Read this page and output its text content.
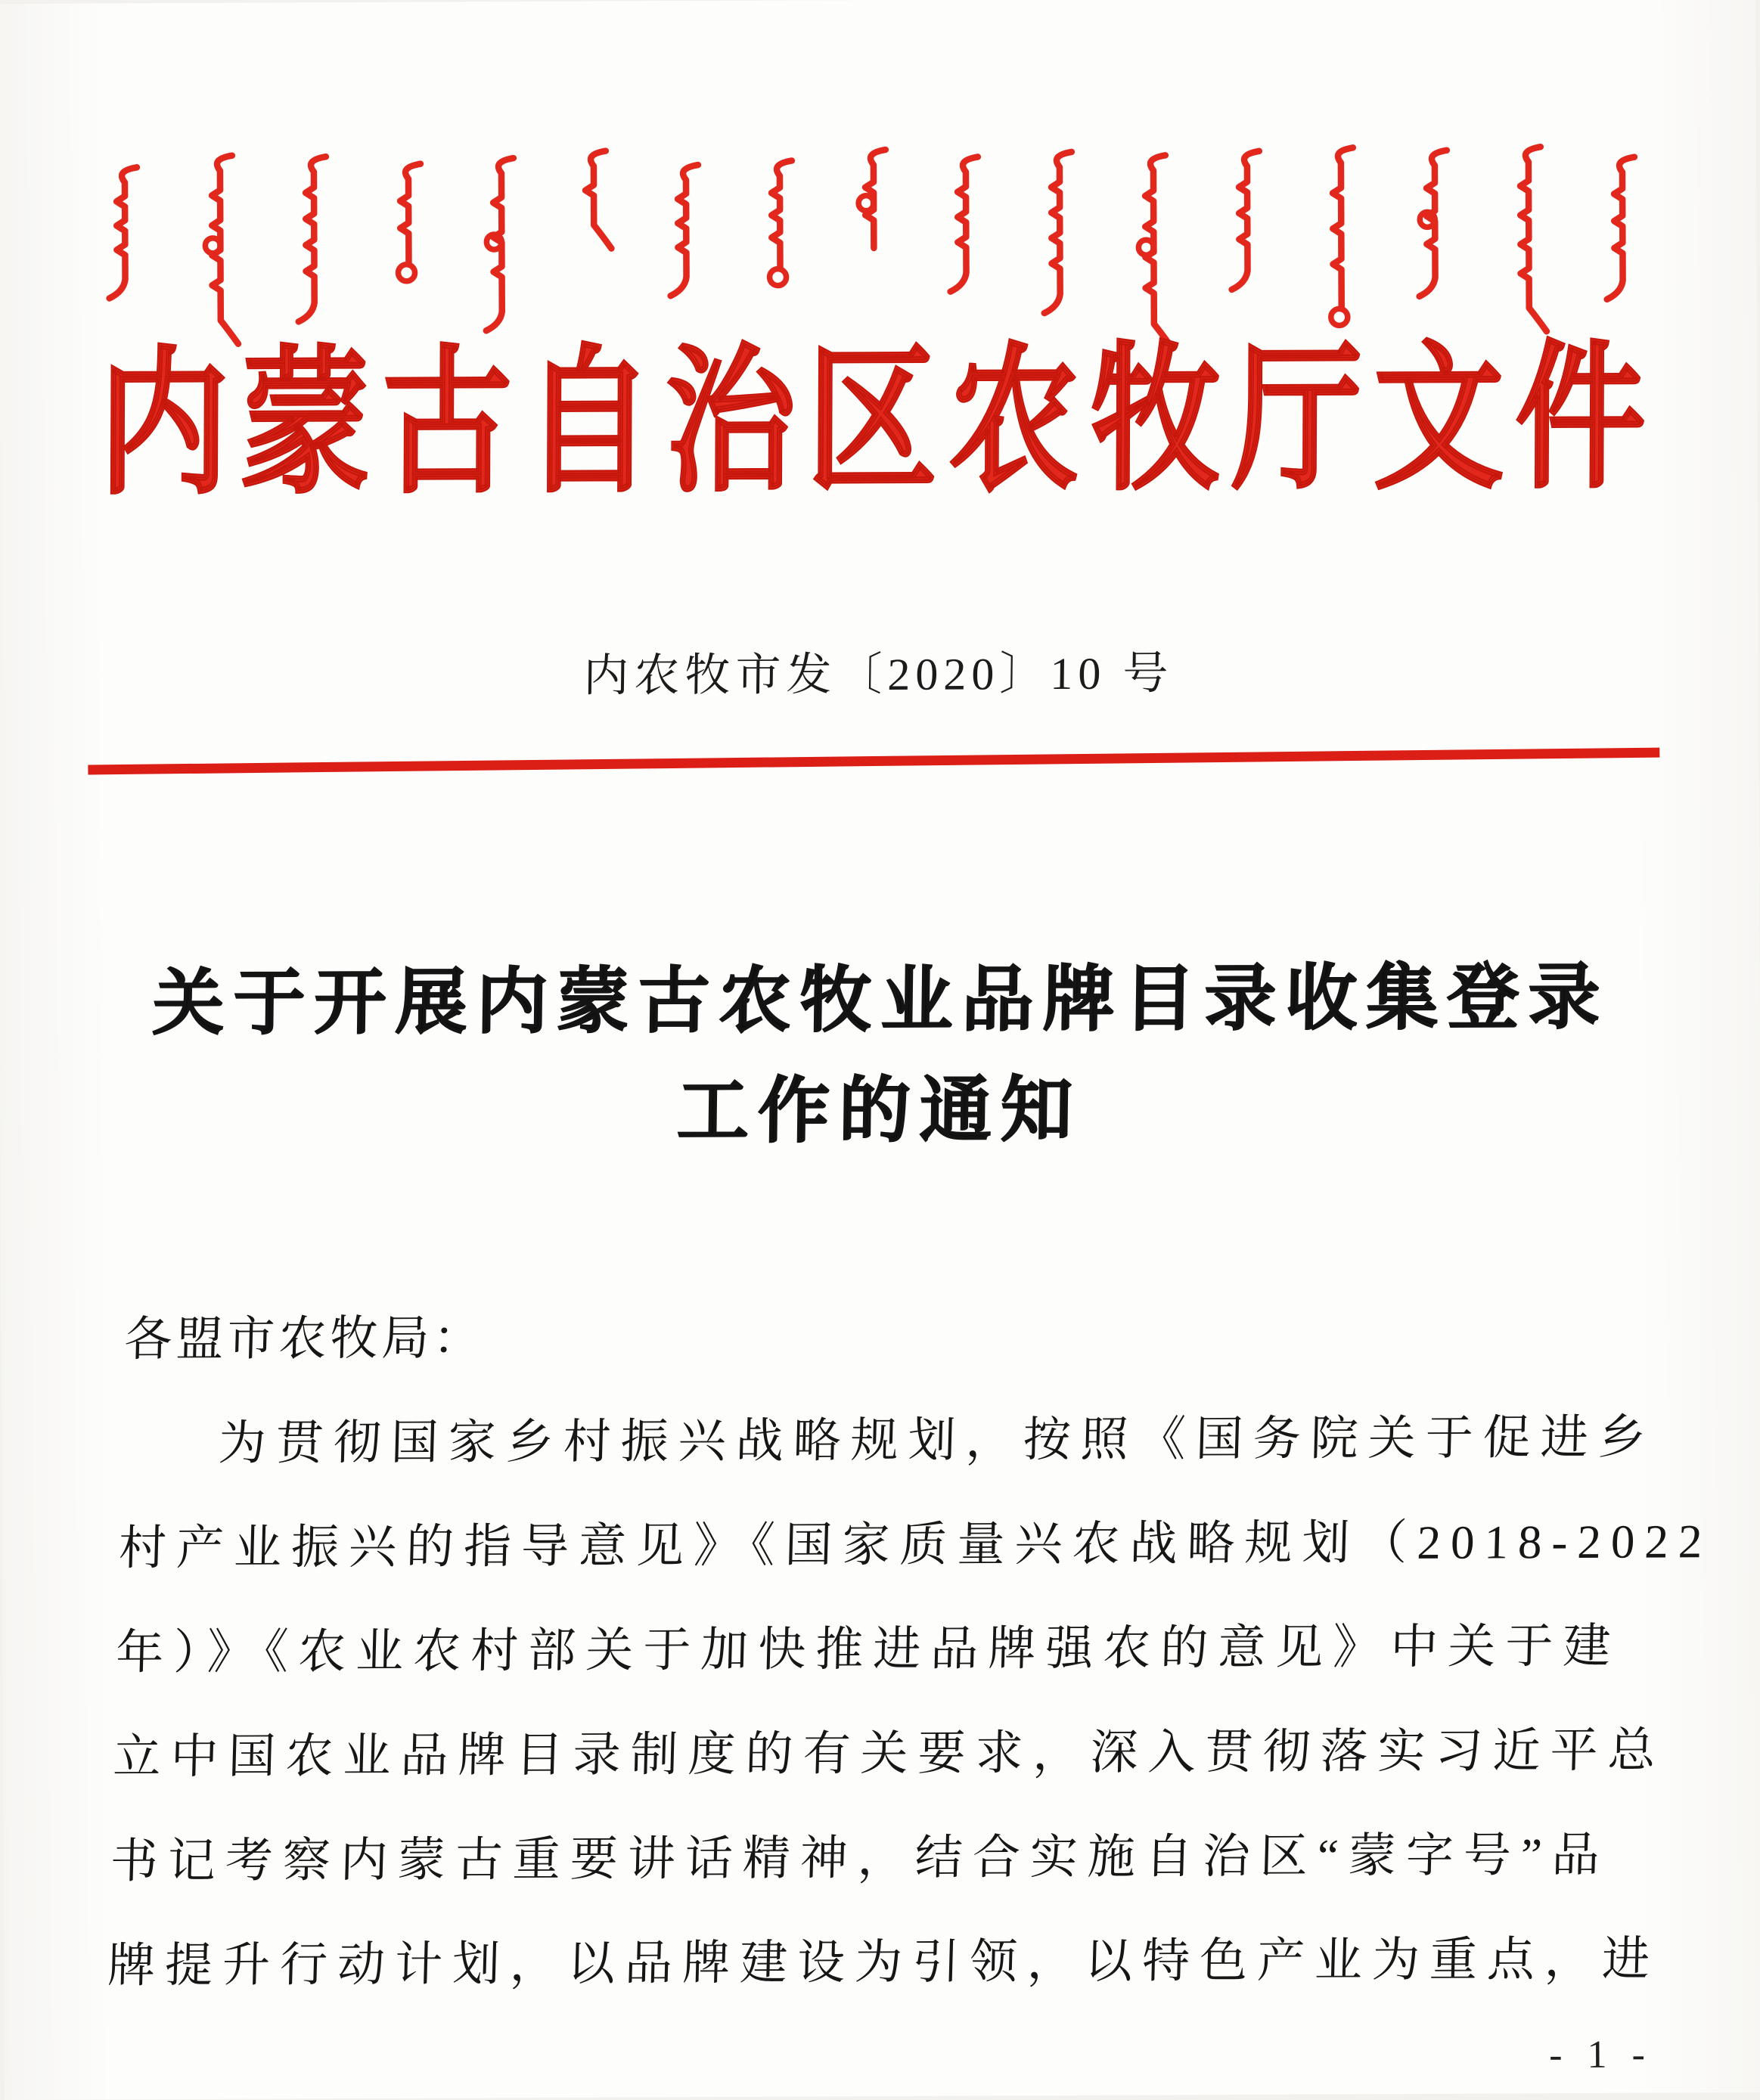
内 蒙 古 自 治 区 农 牧 厅 文 件
内农牧市发〔2020〕10 号
关于开展内蒙古农牧业品牌目录收集登录
工作的通知
各盟市农牧局：
为贯彻国家乡村振兴战略规划，按照《国务院关于促进乡
村产业振兴的指导意见》《国家质量兴农战略规划（2018-2022
年）》《农业农村部关于加快推进品牌强农的意见》中关于建
立中国农业品牌目录制度的有关要求，深入贯彻落实习近平总
书记考察内蒙古重要讲话精神，结合实施自治区“蒙字号”品
牌提升行动计划，以品牌建设为引领，以特色产业为重点，进
- 1 -
